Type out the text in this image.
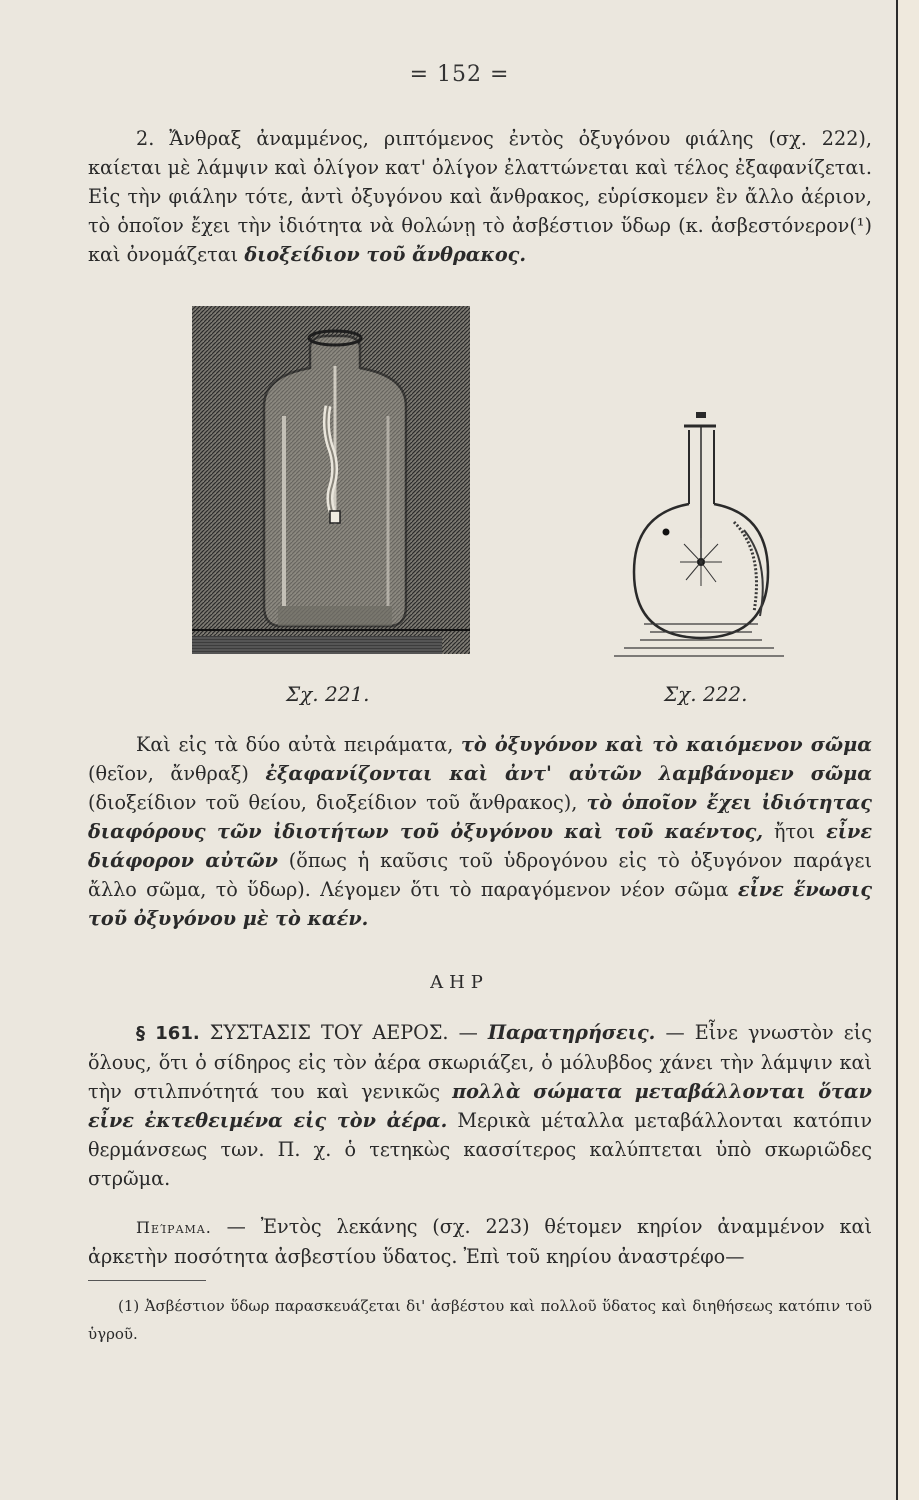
= 152 =
2. Ἄνθραξ ἀναμμένος, ριπτόμενος ἐντὸς ὀξυγόνου φιάλης (σχ. 222), καίεται μὲ λάμψιν καὶ ὀλίγον κατ' ὀλίγον ἐλαττώνεται καὶ τέλος ἐξαφανίζεται. Εἰς τὴν φιάλην τότε, ἀντὶ ὀξυγόνου καὶ ἄνθρακος, εὑρίσκομεν ἓν ἄλλο ἀέριον, τὸ ὁποῖον ἔχει τὴν ἰδιότητα νὰ θολώνῃ τὸ ἀσβέστιον ὕδωρ (κ. ἀσβεστόνερον(¹) καὶ ὀνομάζεται διοξείδιον τοῦ ἄνθρακος.
Σχ. 221.	Σχ. 222.
Καὶ εἰς τὰ δύο αὐτὰ πειράματα, τὸ ὀξυγόνον καὶ τὸ καιόμενον σῶμα (θεῖον, ἄνθραξ) ἐξαφανίζονται καὶ ἀντ' αὐτῶν λαμβάνομεν σῶμα (διοξείδιον τοῦ θείου, διοξείδιον τοῦ ἄνθρακος), τὸ ὁποῖον ἔχει ἰδιότητας διαφόρους τῶν ἰδιοτήτων τοῦ ὀξυγόνου καὶ τοῦ καέντος, ἤτοι εἶνε διάφορον αὐτῶν (ὅπως ἡ καῦσις τοῦ ὑδρογόνου εἰς τὸ ὀξυγόνον παράγει ἄλλο σῶμα, τὸ ὕδωρ). Λέγομεν ὅτι τὸ παραγόμενον νέον σῶμα εἶνε ἕνωσις τοῦ ὀξυγόνου μὲ τὸ καέν.
ΑΗΡ
§ 161. ΣΥΣΤΑΣΙΣ ΤΟΥ ΑΕΡΟΣ. — Παρατηρήσεις. — Εἶνε γνωστὸν εἰς ὅλους, ὅτι ὁ σίδηρος εἰς τὸν ἀέρα σκωριάζει, ὁ μόλυβδος χάνει τὴν λάμψιν καὶ τὴν στιλπνότητά του καὶ γενικῶς πολλὰ σώματα μεταβάλλονται ὅταν εἶνε ἐκτεθειμένα εἰς τὸν ἀέρα. Μερικὰ μέταλλα μεταβάλλονται κατόπιν θερμάνσεως των. Π. χ. ὁ τετηκὼς κασσίτερος καλύπτεται ὑπὸ σκωριῶδες στρῶμα.
Πείραμα. — Ἐντὸς λεκάνης (σχ. 223) θέτομεν κηρίον ἀναμμένον καὶ ἀρκετὴν ποσότητα ἀσβεστίου ὕδατος. Ἐπὶ τοῦ κηρίου ἀναστρέφο—
(1) Ἀσβέστιον ὕδωρ παρασκευάζεται δι' ἀσβέστου καὶ πολλοῦ ὕδατος καὶ διηθήσεως κατόπιν τοῦ ὑγροῦ.
